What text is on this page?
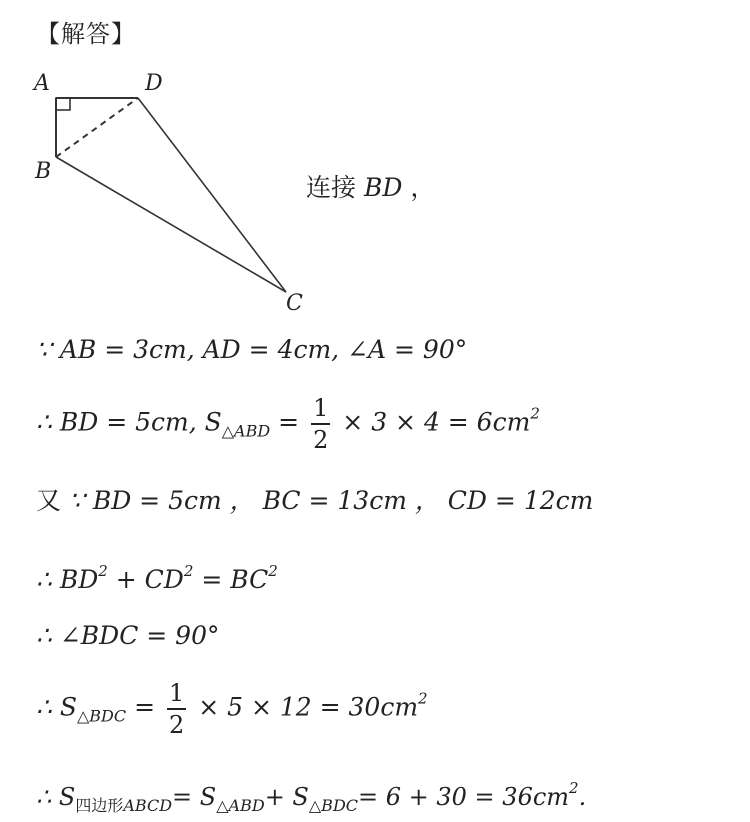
【解答】
A
B
C
D
连接 BD ，
∵ AB = 3cm, AD = 4cm, ∠A = 90°
∴ BD = 5cm, $S_{\triangle ABD} = \frac{1}{2} \times 3 \times 4 = 6cm^2$
又 ∵ BD = 5cm ， BC = 13cm ， CD = 12cm
∴ $BD^2 + CD^2 = BC^2$
∴ ∠BDC = 90°
∴ $S_{\triangle BDC} = \frac{1}{2} \times 5 \times 12 = 30cm^2$
∴ $S_{四边形ABCD}= S_{\triangle ABD}+ S_{\triangle BDC}= 6 + 30 = 36cm^2$.
